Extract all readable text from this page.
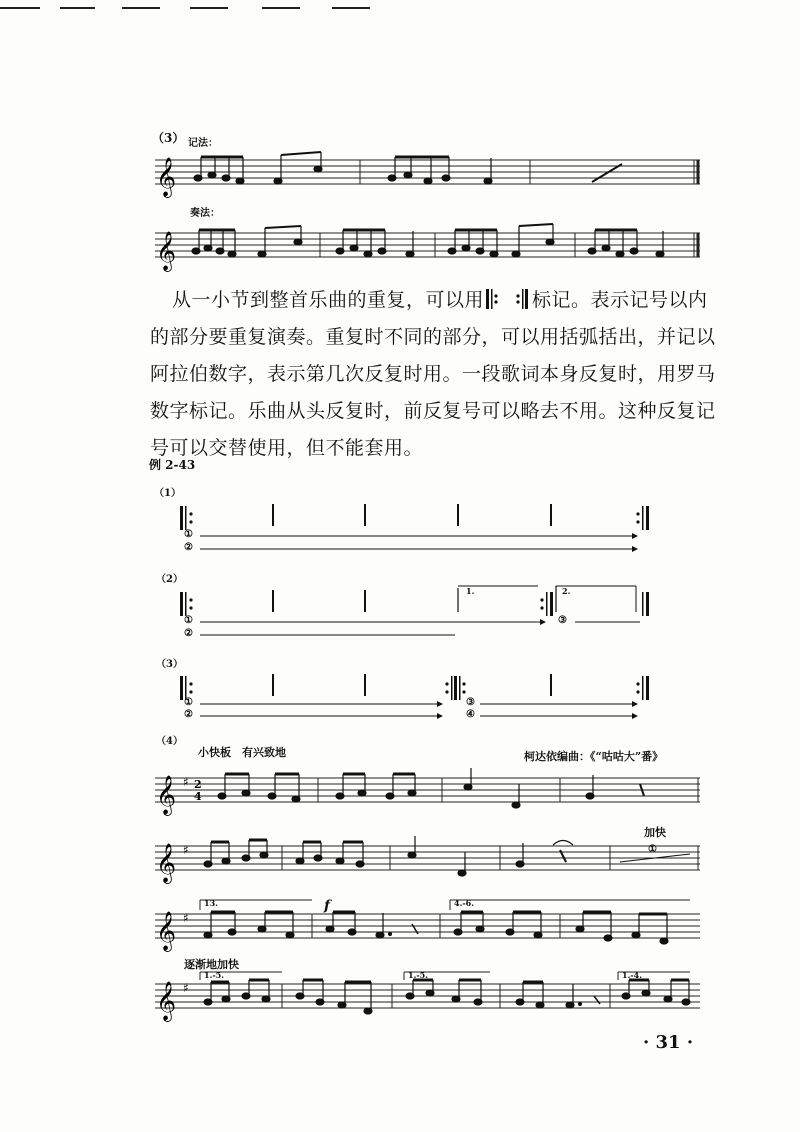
𝄞
𝄞
𝄞 ♯ 2
4
𝄞 ♯
𝄞 ♯
𝄞 ♯
（3） 记法：
奏法：

从一小节到整首乐曲的重复，可以用	标记。表示记号以内的部分要重复演奏。重复时不同的部分，可以用括弧括出，并记以阿拉伯数字，表示第几次反复时用。一段歌词本身反复时，用罗马数字标记。乐曲从头反复时，前反复号可以略去不用。这种反复记号可以交替使用，但不能套用。

例 2-43
（1）
①
②
（2）
1.	2.
①
②
③
（3）
①
②
③
④
（4）
小快板　有兴致地	柯达依编曲：《“咕咕大”番》
加快
①
13.	f	4.-6.
逐渐地加快
1.-5.	1.-5.	1.-4.
· 31 ·
